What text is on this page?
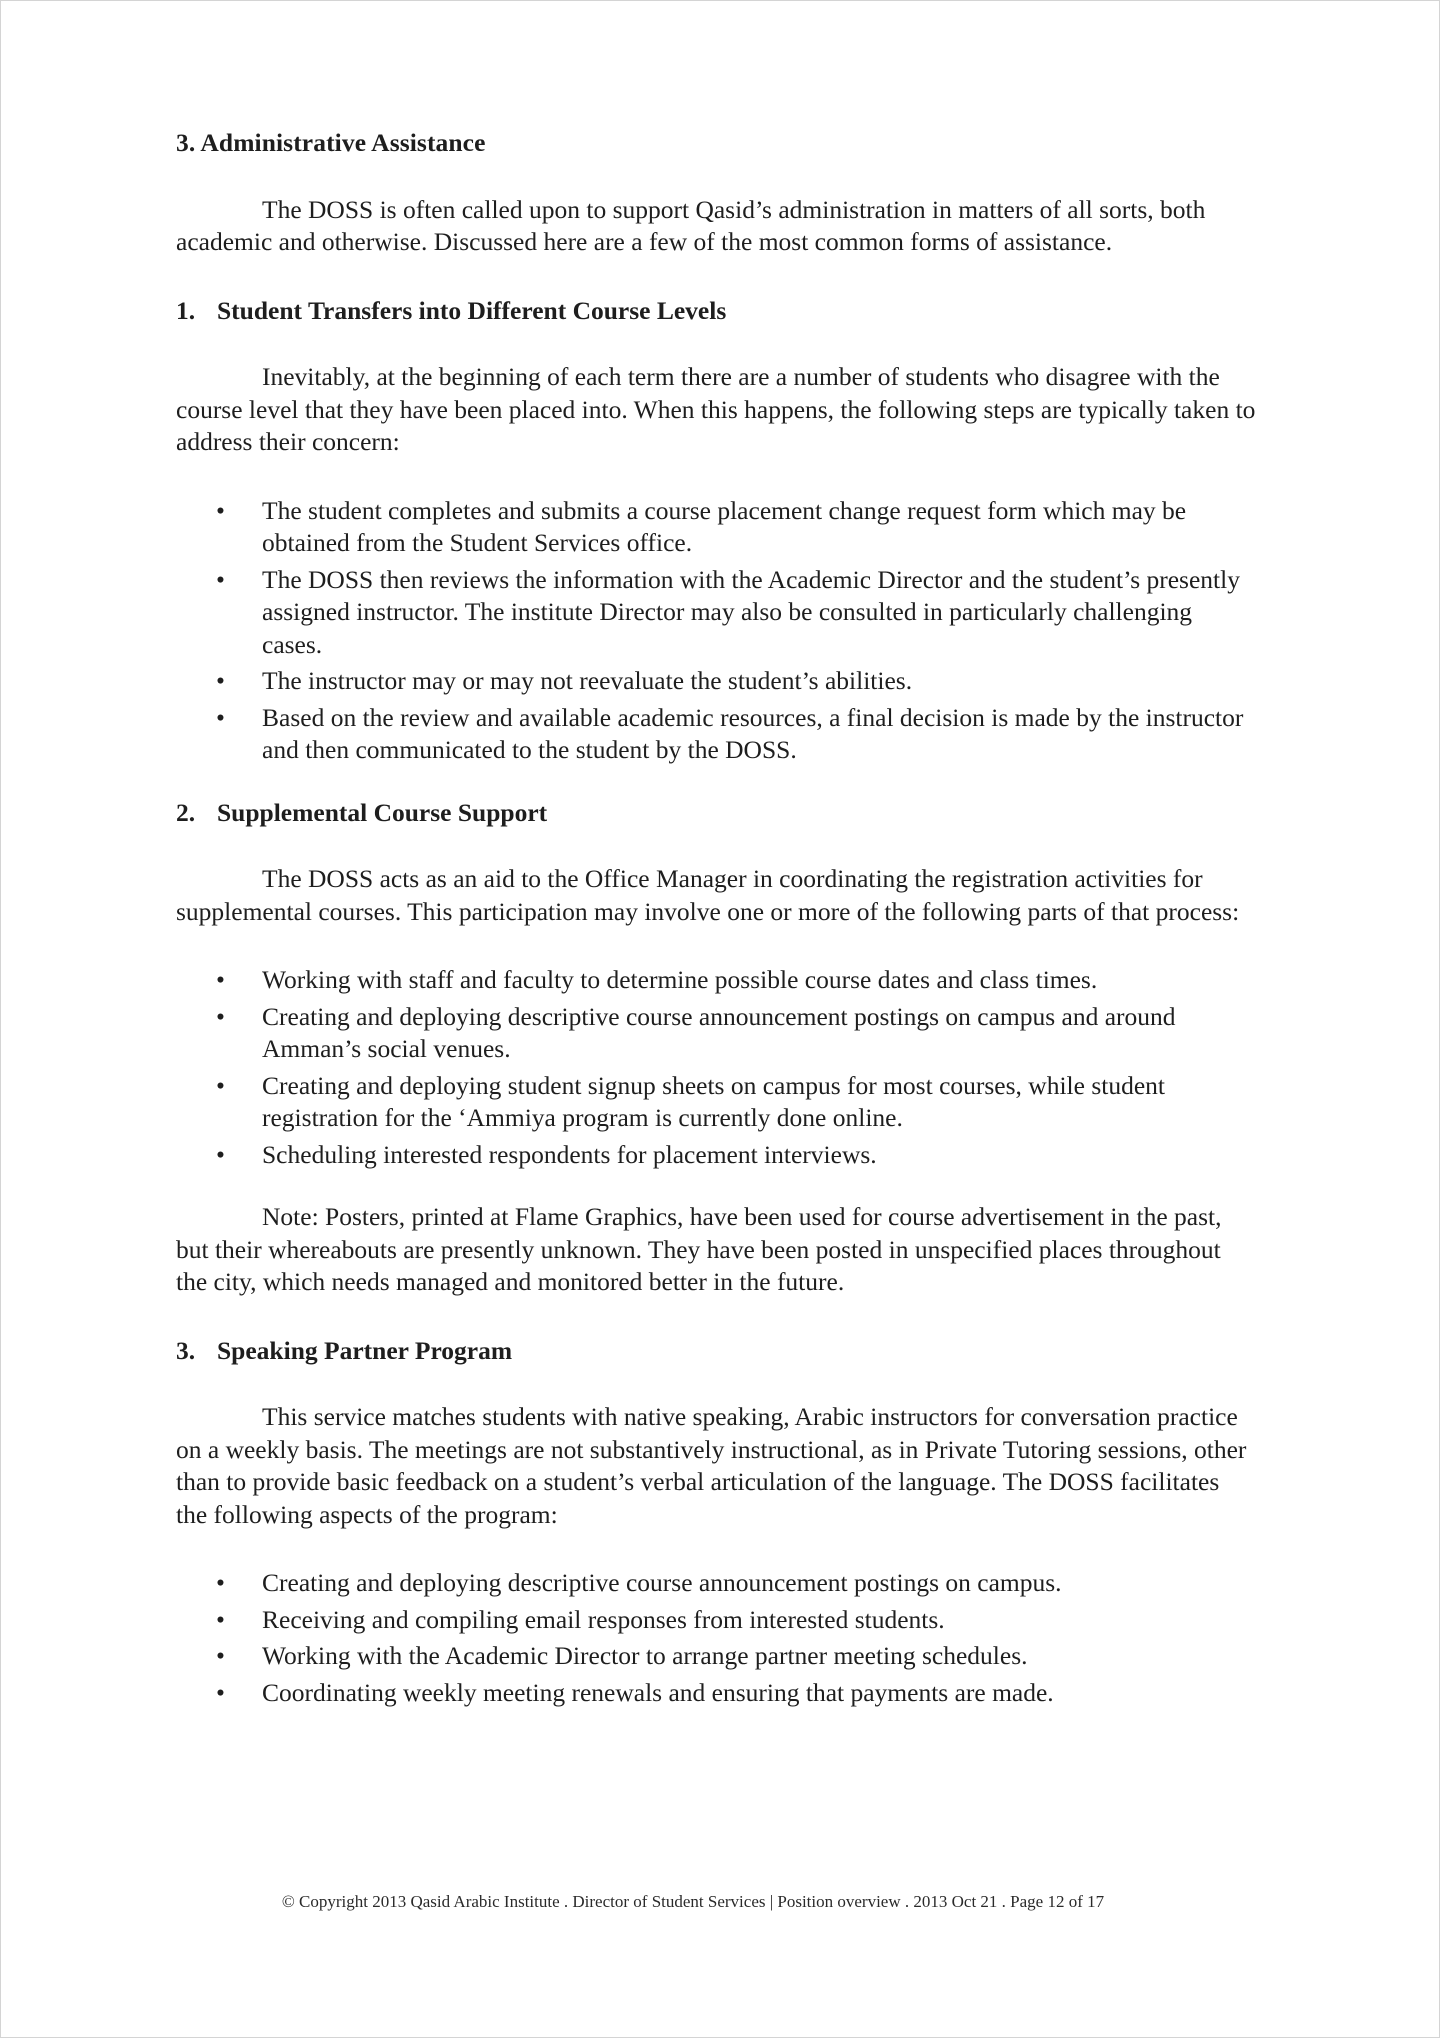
3. Administrative Assistance

The DOSS is often called upon to support Qasid’s administration in matters of all sorts, both academic and otherwise. Discussed here are a few of the most common forms of assistance.

1. Student Transfers into Different Course Levels

Inevitably, at the beginning of each term there are a number of students who disagree with the course level that they have been placed into. When this happens, the following steps are typically taken to address their concern:

• The student completes and submits a course placement change request form which may be obtained from the Student Services office.
• The DOSS then reviews the information with the Academic Director and the student’s presently assigned instructor. The institute Director may also be consulted in particularly challenging cases.
• The instructor may or may not reevaluate the student’s abilities.
• Based on the review and available academic resources, a final decision is made by the instructor and then communicated to the student by the DOSS.
2. Supplemental Course Support

The DOSS acts as an aid to the Office Manager in coordinating the registration activities for supplemental courses. This participation may involve one or more of the following parts of that process:

• Working with staff and faculty to determine possible course dates and class times.
• Creating and deploying descriptive course announcement postings on campus and around Amman’s social venues.
• Creating and deploying student signup sheets on campus for most courses, while student registration for the ‘Ammiya program is currently done online.
• Scheduling interested respondents for placement interviews.

Note: Posters, printed at Flame Graphics, have been used for course advertisement in the past, but their whereabouts are presently unknown. They have been posted in unspecified places throughout the city, which needs managed and monitored better in the future.

3. Speaking Partner Program

This service matches students with native speaking, Arabic instructors for conversation practice on a weekly basis. The meetings are not substantively instructional, as in Private Tutoring sessions, other than to provide basic feedback on a student’s verbal articulation of the language. The DOSS facilitates the following aspects of the program:

• Creating and deploying descriptive course announcement postings on campus.
• Receiving and compiling email responses from interested students.
• Working with the Academic Director to arrange partner meeting schedules.
• Coordinating weekly meeting renewals and ensuring that payments are made.
© Copyright 2013 Qasid Arabic Institute . Director of Student Services | Position overview . 2013 Oct 21 . Page 12 of 17
